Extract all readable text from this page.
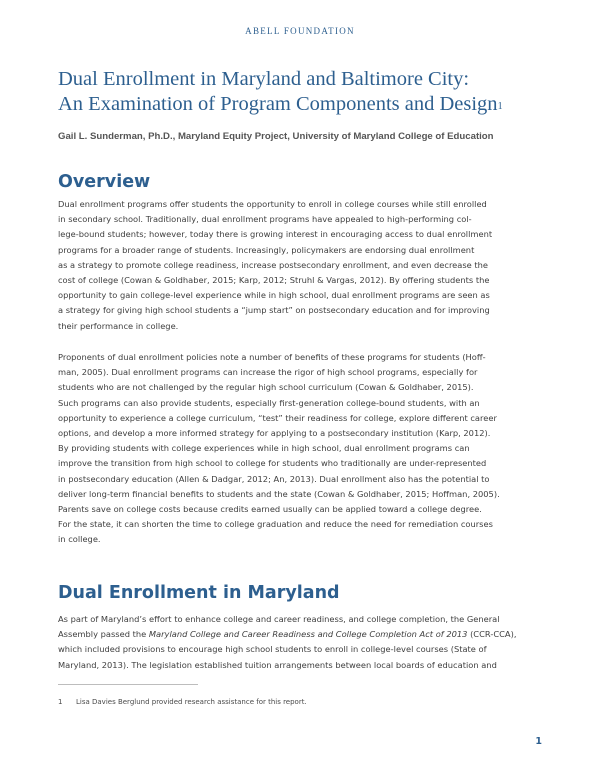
ABELL FOUNDATION
Dual Enrollment in Maryland and Baltimore City:
An Examination of Program Components and Design$^1$

Gail L. Sunderman, Ph.D., Maryland Equity Project, University of Maryland College of Education

Overview

Dual enrollment programs offer students the opportunity to enroll in college courses while still enrolled
in secondary school. Traditionally, dual enrollment programs have appealed to high-performing col-
lege-bound students; however, today there is growing interest in encouraging access to dual enrollment
programs for a broader range of students. Increasingly, policymakers are endorsing dual enrollment
as a strategy to promote college readiness, increase postsecondary enrollment, and even decrease the
cost of college (Cowan & Goldhaber, 2015; Karp, 2012; Struhl & Vargas, 2012). By offering students the
opportunity to gain college-level experience while in high school, dual enrollment programs are seen as
a strategy for giving high school students a “jump start” on postsecondary education and for improving
their performance in college.

Proponents of dual enrollment policies note a number of benefits of these programs for students (Hoff-
man, 2005). Dual enrollment programs can increase the rigor of high school programs, especially for
students who are not challenged by the regular high school curriculum (Cowan & Goldhaber, 2015).
Such programs can also provide students, especially first-generation college-bound students, with an
opportunity to experience a college curriculum, “test” their readiness for college, explore different career
options, and develop a more informed strategy for applying to a postsecondary institution (Karp, 2012).
By providing students with college experiences while in high school, dual enrollment programs can
improve the transition from high school to college for students who traditionally are under-represented
in postsecondary education (Allen & Dadgar, 2012; An, 2013). Dual enrollment also has the potential to
deliver long-term financial benefits to students and the state (Cowan & Goldhaber, 2015; Hoffman, 2005).
Parents save on college costs because credits earned usually can be applied toward a college degree.
For the state, it can shorten the time to college graduation and reduce the need for remediation courses
in college.

Dual Enrollment in Maryland

As part of Maryland’s effort to enhance college and career readiness, and college completion, the General
Assembly passed the Maryland College and Career Readiness and College Completion Act of 2013 (CCR-CCA),
which included provisions to encourage high school students to enroll in college-level courses (State of
Maryland, 2013). The legislation established tuition arrangements between local boards of education and

1 Lisa Davies Berglund provided research assistance for this report.

1
